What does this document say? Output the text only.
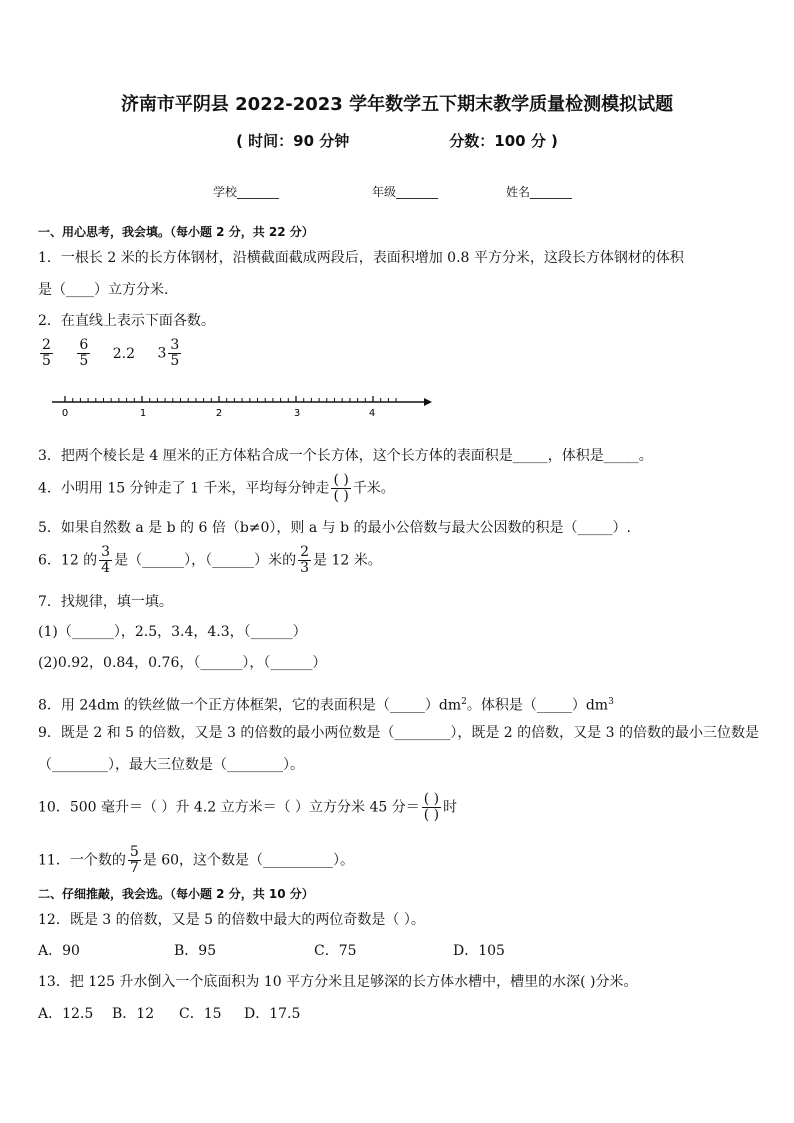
济南市平阴县 2022-2023 学年数学五下期末教学质量检测模拟试题
( 时间：90 分钟	分数：100 分 )
学校_______	年级_______	姓名_______
一、用心思考，我会填。（每小题 2 分，共 22 分）
1．一根长 2 米的长方体钢材，沿横截面截成两段后，表面积增加 0.8 平方分米，这段长方体钢材的体积
是（____）立方分米.
2．在直线上表示下面各数。
$\frac{2}{5}$
$\frac{6}{5} 2.2$ $3 \frac{3}{5}$
0	1	2	3	4
3．把两个棱长是 4 厘米的正方体粘合成一个长方体，这个长方体的表面积是_____，体积是_____。
4．小明用 15 分钟走了 1 千米，平均每分钟走 $\frac{( )}{( )}$ 千米。
5．如果自然数 a 是 b 的 6 倍（b≠0），则 a 与 b 的最小公倍数与最大公因数的积是（_____）.
6．12 的 $\frac{3}{4}$ 是（______），（______）米的 $\frac{2}{3}$ 是 12 米。
7．找规律，填一填。
(1)（______），2.5，3.4，4.3，（______）
(2)0.92，0.84，0.76，（______），（______）
8．用 24dm 的铁丝做一个正方体框架，它的表面积是$(\_\_\_\_\_)dm^2$。体积是$(\_\_\_\_\_)dm^3$
9．既是 2 和 5 的倍数，又是 3 的倍数的最小两位数是（________），既是 2 的倍数，又是 3 的倍数的最小三位数是
（________），最大三位数是（________）。
10．500 毫升＝（ ）升 4.2 立方米＝（ ）立方分米 45 分＝ $\frac{( )}{( )}$ 时
11．一个数的 $\frac{5}{7}$ 是 60，这个数是（__________）。
二、仔细推敲，我会选。（每小题 2 分，共 10 分）
12．既是 3 的倍数，又是 5 的倍数中最大的两位奇数是（ ）。
A．90	B．95	C．75	D．105
13．把 125 升水倒入一个底面积为 10 平方分米且足够深的长方体水槽中，槽里的水深( )分米。
A．12.5 B．12 C．15 D．17.5
